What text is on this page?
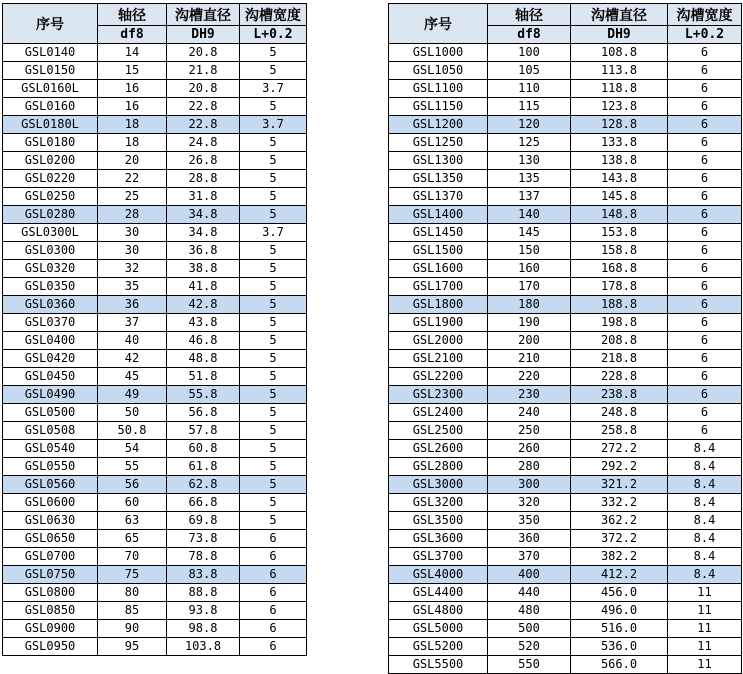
序号	轴径	沟槽直径	沟槽宽度
	df8	DH9	L+0.2
GSL0140	14	20.8	5
GSL0150	15	21.8	5
GSL0160L	16	20.8	3.7
GSL0160	16	22.8	5
GSL0180L	18	22.8	3.7
GSL0180	18	24.8	5
GSL0200	20	26.8	5
GSL0220	22	28.8	5
GSL0250	25	31.8	5
GSL0280	28	34.8	5
GSL0300L	30	34.8	3.7
GSL0300	30	36.8	5
GSL0320	32	38.8	5
GSL0350	35	41.8	5
GSL0360	36	42.8	5
GSL0370	37	43.8	5
GSL0400	40	46.8	5
GSL0420	42	48.8	5
GSL0450	45	51.8	5
GSL0490	49	55.8	5
GSL0500	50	56.8	5
GSL0508	50.8	57.8	5
GSL0540	54	60.8	5
GSL0550	55	61.8	5
GSL0560	56	62.8	5
GSL0600	60	66.8	5
GSL0630	63	69.8	5
GSL0650	65	73.8	6
GSL0700	70	78.8	6
GSL0750	75	83.8	6
GSL0800	80	88.8	6
GSL0850	85	93.8	6
GSL0900	90	98.8	6
GSL0950	95	103.8	6
序号	轴径	沟槽直径	沟槽宽度
	df8	DH9	L+0.2
GSL1000	100	108.8	6
GSL1050	105	113.8	6
GSL1100	110	118.8	6
GSL1150	115	123.8	6
GSL1200	120	128.8	6
GSL1250	125	133.8	6
GSL1300	130	138.8	6
GSL1350	135	143.8	6
GSL1370	137	145.8	6
GSL1400	140	148.8	6
GSL1450	145	153.8	6
GSL1500	150	158.8	6
GSL1600	160	168.8	6
GSL1700	170	178.8	6
GSL1800	180	188.8	6
GSL1900	190	198.8	6
GSL2000	200	208.8	6
GSL2100	210	218.8	6
GSL2200	220	228.8	6
GSL2300	230	238.8	6
GSL2400	240	248.8	6
GSL2500	250	258.8	6
GSL2600	260	272.2	8.4
GSL2800	280	292.2	8.4
GSL3000	300	321.2	8.4
GSL3200	320	332.2	8.4
GSL3500	350	362.2	8.4
GSL3600	360	372.2	8.4
GSL3700	370	382.2	8.4
GSL4000	400	412.2	8.4
GSL4400	440	456.0	11
GSL4800	480	496.0	11
GSL5000	500	516.0	11
GSL5200	520	536.0	11
GSL5500	550	566.0	11
